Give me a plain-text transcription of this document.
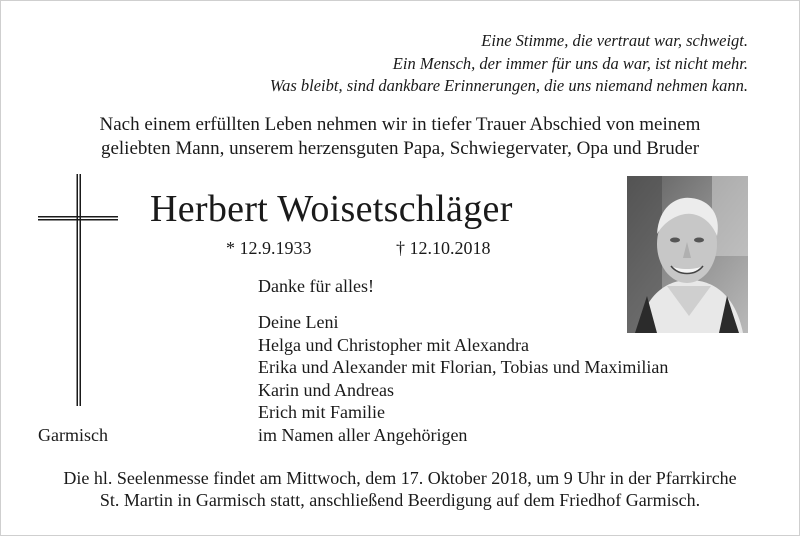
Eine Stimme, die vertraut war, schweigt.
Ein Mensch, der immer für uns da war, ist nicht mehr.
Was bleibt, sind dankbare Erinnerungen, die uns niemand nehmen kann.
Nach einem erfüllten Leben nehmen wir in tiefer Trauer Abschied von meinem
geliebten Mann, unserem herzensguten Papa, Schwiegervater, Opa und Bruder
Herbert Woisetschläger
* 12.9.1933	† 12.10.2018
Danke für alles!
Deine Leni
Helga und Christopher mit Alexandra
Erika und Alexander mit Florian, Tobias und Maximilian
Karin und Andreas
Erich mit Familie
im Namen aller Angehörigen
Garmisch
Die hl. Seelenmesse findet am Mittwoch, dem 17. Oktober 2018, um 9 Uhr in der Pfarrkirche
St. Martin in Garmisch statt, anschließend Beerdigung auf dem Friedhof Garmisch.
